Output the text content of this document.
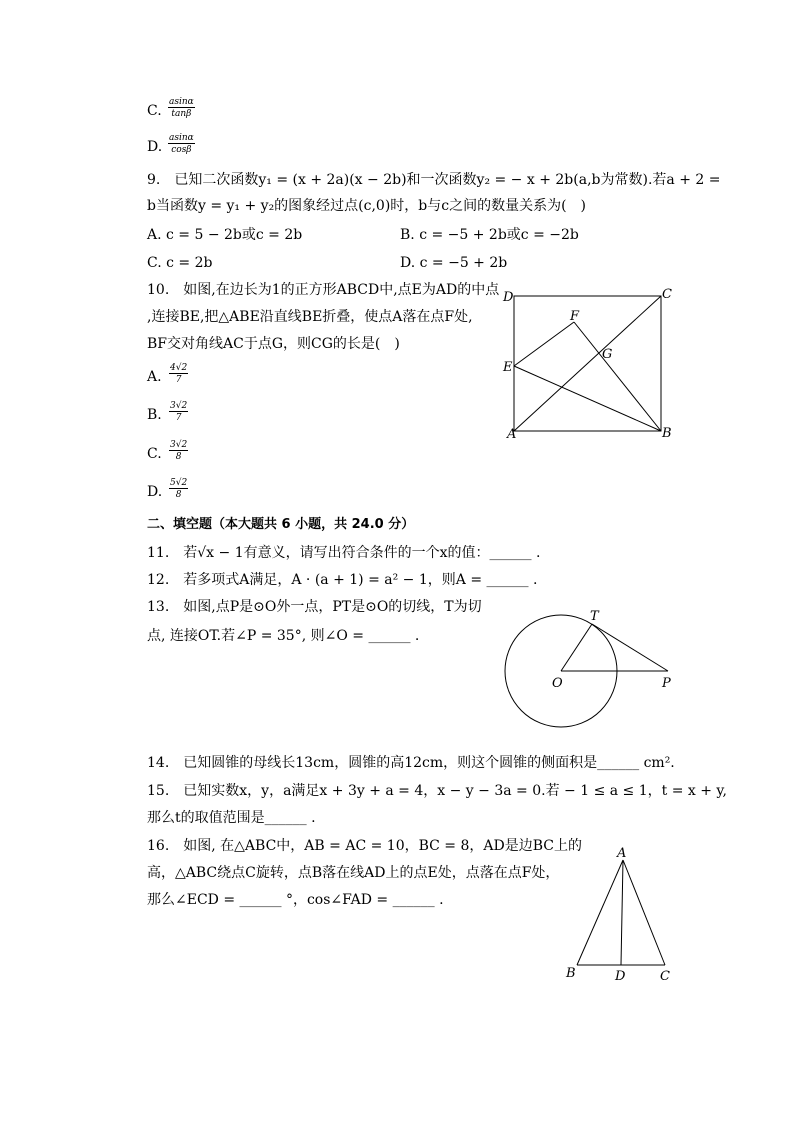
C. $\frac{asin\alpha}{\tan\beta}$
D. $\frac{asin\alpha}{\cos\beta}$
9.　已知二次函数y₁ = (x + 2a)(x − 2b)和一次函数y₂ = − x + 2b(a,b为常数).若a + 2 =
b当函数y = y₁ + y₂的图象经过点(c,0)时，b与c之间的数量关系为(　)
A. c = 5 − 2b或c = 2b	B. c = −5 + 2b或c = −2b
C. c = 2b	D. c = −5 + 2b
10.　如图,在边长为1的正方形ABCD中,点E为AD的中点
,连接BE,把△ABE沿直线BE折叠，使点A落在点F处,
BF交对角线AC于点G，则CG的长是(　)
A. $\frac{4√2}{7}$
B. $\frac{3√2}{7}$
C. $\frac{3√2}{8}$
D. $\frac{5√2}{8}$
D	C
F
G
E
A	B
二、填空题（本大题共 6 小题，共 24.0 分）
11.　若√x − 1有意义，请写出符合条件的一个x的值：______ .
12.　若多项式A满足，A · (a + 1) = a² − 1，则A = ______ .
13.　如图,点P是⊙O外一点，PT是⊙O的切线，T为切
点, 连接OT.若∠P = 35°, 则∠O = ______ .
T
O	P
14.　已知圆锥的母线长13cm，圆锥的高12cm，则这个圆锥的侧面积是______ cm².
15.　已知实数x，y，a满足x + 3y + a = 4，x − y − 3a = 0.若 − 1 ≤ a ≤ 1，t = x + y,
那么t的取值范围是______ .
16.　如图, 在△ABC中，AB = AC = 10，BC = 8，AD是边BC上的
高，△ABC绕点C旋转，点B落在线AD上的点E处，点落在点F处，
那么∠ECD = ______ °，cos∠FAD = ______ .
A
B	D	C
